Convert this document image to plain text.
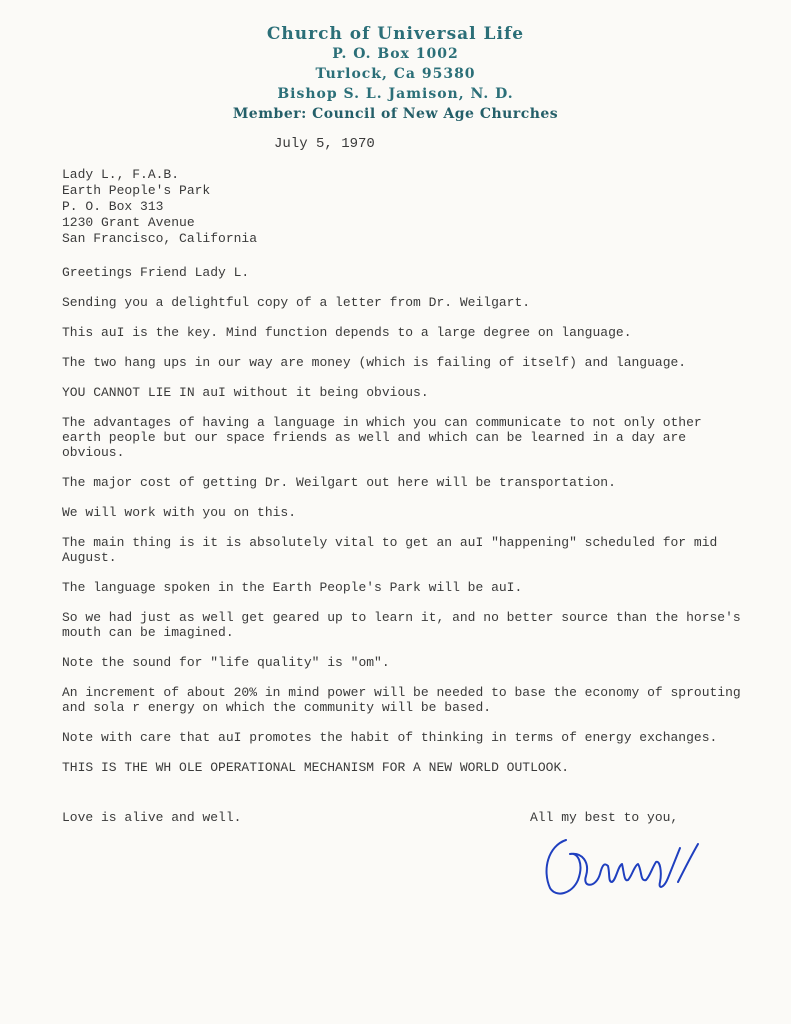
Church of Universal Life
P. O. Box 1002
Turlock, Ca 95380
Bishop S. L. Jamison, N. D.
Member: Council of New Age Churches
July 5, 1970
Lady L., F.A.B.
Earth People's Park
P. O. Box 313
1230 Grant Avenue
San Francisco, California

Greetings Friend Lady L.

Sending you a delightful copy of a letter from Dr. Weilgart.

This auI is the key. Mind function depends to a large degree on language.

The two hang ups in our way are money (which is failing of itself) and language.

YOU CANNOT LIE IN auI without it being obvious.

The advantages of having a language in which you can communicate to not only other earth people but our space friends as well and which can be learned in a day are obvious.

The major cost of getting Dr. Weilgart out here will be transportation.

We will work with you on this.

The main thing is it is absolutely vital to get an auI "happening" scheduled for mid August.

The language spoken in the Earth People's Park will be auI.

So we had just as well get geared up to learn it, and no better source than the horse's mouth can be imagined.

Note the sound for "life quality" is "om".

An increment of about 20% in mind power will be needed to base the economy of sprouting and sola r energy on which the community will be based.

Note with care that auI promotes the habit of thinking in terms of energy exchanges.

THIS IS THE WH OLE OPERATIONAL MECHANISM FOR A NEW WORLD OUTLOOK.

Love is alive and well.	All my best to you,
